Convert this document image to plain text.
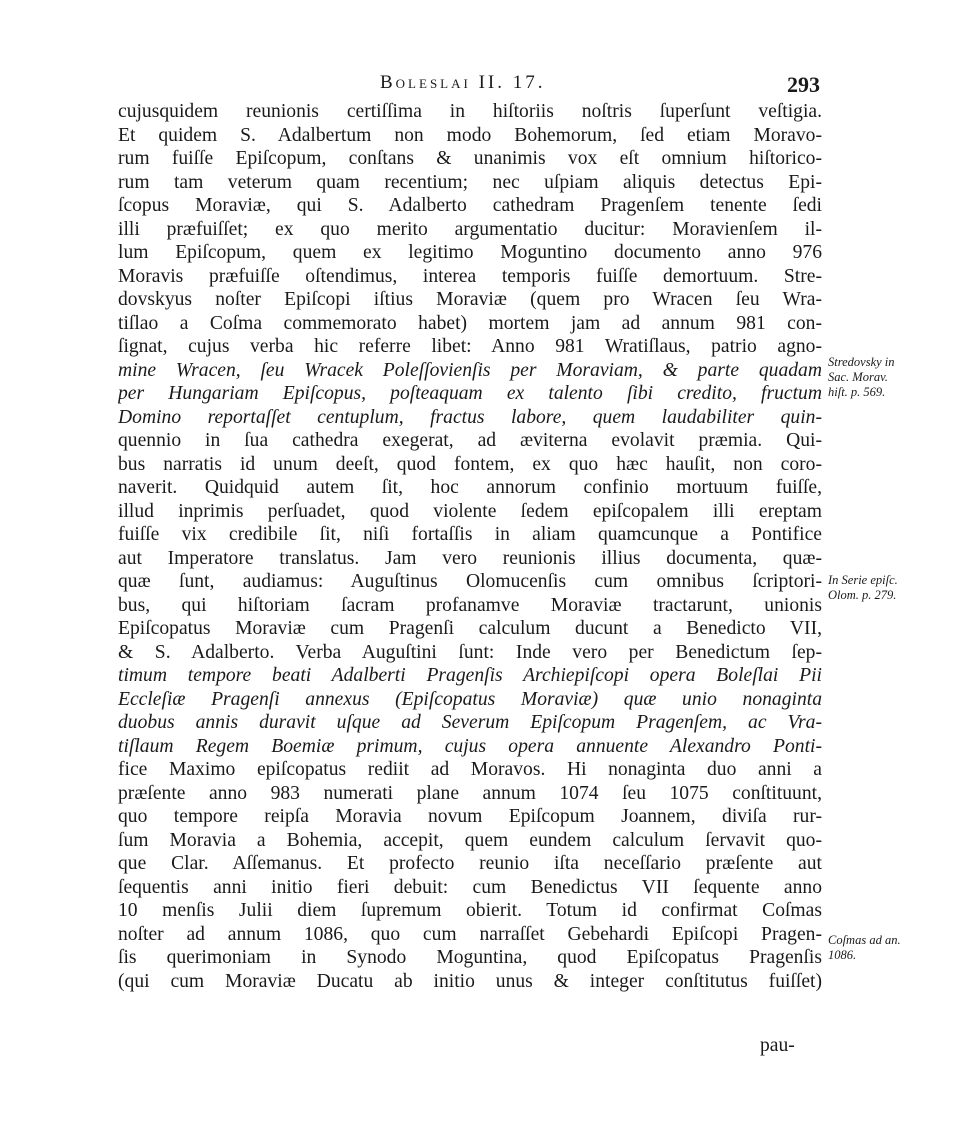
Boleslai II. 17.	293
cujusquidem reunionis certiſſima in hiſtoriis noſtris ſuperſunt veſtigia.
Et quidem S. Adalbertum non modo Bohemorum, ſed etiam Moravo-
rum fuiſſe Epiſcopum, conſtans & unanimis vox eſt omnium hiſtorico-
rum tam veterum quam recentium; nec uſpiam aliquis detectus Epi-
ſcopus Moraviæ, qui S. Adalberto cathedram Pragenſem tenente ſedi
illi præfuiſſet; ex quo merito argumentatio ducitur: Moravienſem il-
lum Epiſcopum, quem ex legitimo Moguntino documento anno 976
Moravis præfuiſſe oſtendimus, interea temporis fuiſſe demortuum. Stre-
dovskyus noſter Epiſcopi iſtius Moraviæ (quem pro Wracen ſeu Wra-
tiſlao a Coſma commemorato habet) mortem jam ad annum 981 con-
ſignat, cujus verba hic referre libet: Anno 981 Wratiſlaus, patrio agno-
mine Wracen, ſeu Wracek Poleſſovienſis per Moraviam, & parte quadam
per Hungariam Epiſcopus, poſteaquam ex talento ſibi credito, fructum
Domino reportaſſet centuplum, fractus labore, quem laudabiliter quin-
quennio in ſua cathedra exegerat, ad æviterna evolavit præmia. Qui-
bus narratis id unum deeſt, quod fontem, ex quo hæc hauſit, non coro-
naverit. Quidquid autem ſit, hoc annorum confinio mortuum fuiſſe,
illud inprimis perſuadet, quod violente ſedem epiſcopalem illi ereptam
fuiſſe vix credibile ſit, niſi fortaſſis in aliam quamcunque a Pontifice
aut Imperatore translatus. Jam vero reunionis illius documenta, quæ-
quæ ſunt, audiamus: Auguſtinus Olomucenſis cum omnibus ſcriptori-
bus, qui hiſtoriam ſacram profanamve Moraviæ tractarunt, unionis
Epiſcopatus Moraviæ cum Pragenſi calculum ducunt a Benedicto VII,
& S. Adalberto. Verba Auguſtini ſunt: Inde vero per Benedictum ſep-
timum tempore beati Adalberti Pragenſis Archiepiſcopi opera Boleſlai Pii
Eccleſiæ Pragenſi annexus (Epiſcopatus Moraviæ) quæ unio nonaginta
duobus annis duravit uſque ad Severum Epiſcopum Pragenſem, ac Vra-
tiſlaum Regem Boemiæ primum, cujus opera annuente Alexandro Ponti-
fice Maximo epiſcopatus rediit ad Moravos. Hi nonaginta duo anni a
præſente anno 983 numerati plane annum 1074 ſeu 1075 conſtituunt,
quo tempore reipſa Moravia novum Epiſcopum Joannem, diviſa rur-
ſum Moravia a Bohemia, accepit, quem eundem calculum ſervavit quo-
que Clar. Aſſemanus. Et profecto reunio iſta neceſſario præſente aut
ſequentis anni initio fieri debuit: cum Benedictus VII ſequente anno
10 menſis Julii diem ſupremum obierit. Totum id confirmat Coſmas
noſter ad annum 1086, quo cum narraſſet Gebehardi Epiſcopi Pragen-
ſis querimoniam in Synodo Moguntina, quod Epiſcopatus Pragenſis
(qui cum Moraviæ Ducatu ab initio unus & integer conſtitutus fuiſſet)
pau-
Stredovsky in
Sac. Morav.
hiſt. p. 569.
In Serie epiſc.
Olom. p. 279.
Coſmas ad an.
1086.
